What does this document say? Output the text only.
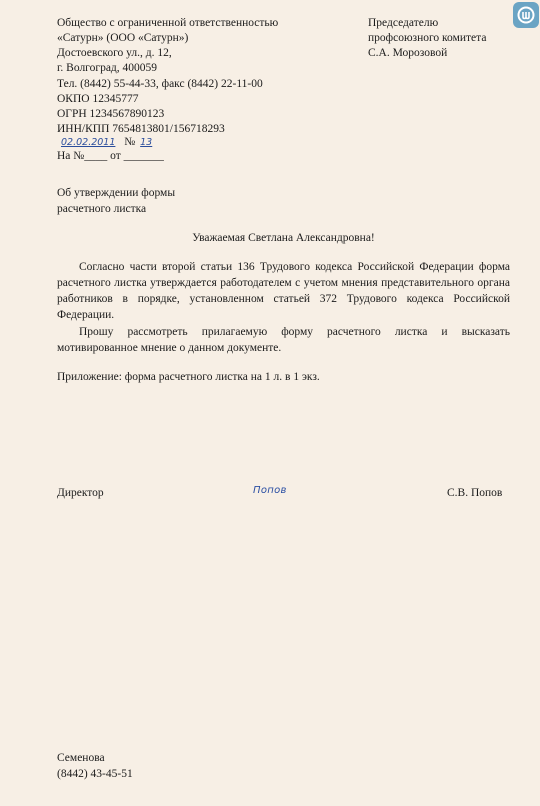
Общество с ограниченной ответственностью
«Сатурн» (ООО «Сатурн»)
Достоевского ул., д. 12,
г. Волгоград, 400059
Тел. (8442) 55-44-33, факс (8442) 22-11-00
ОКПО 12345777
ОГРН 1234567890123
ИНН/КПП 7654813801/156718293
02.02.2011 № 13
На №____ от _______
Председателю
профсоюзного комитета
С.А. Морозовой
Об утверждении формы
расчетного листка
Уважаемая Светлана Александровна!
Согласно части второй статьи 136 Трудового кодекса Российской Федерации форма расчетного листка утверждается работодателем с учетом мнения представительного органа работников в порядке, установленном статьей 372 Трудового кодекса Российской Федерации.
Прошу рассмотреть прилагаемую форму расчетного листка и высказать мотивированное мнение о данном документе.
Приложение: форма расчетного листка на 1 л. в 1 экз.
Директор	Попов	С.В. Попов
Семенова
(8442) 43-45-51
